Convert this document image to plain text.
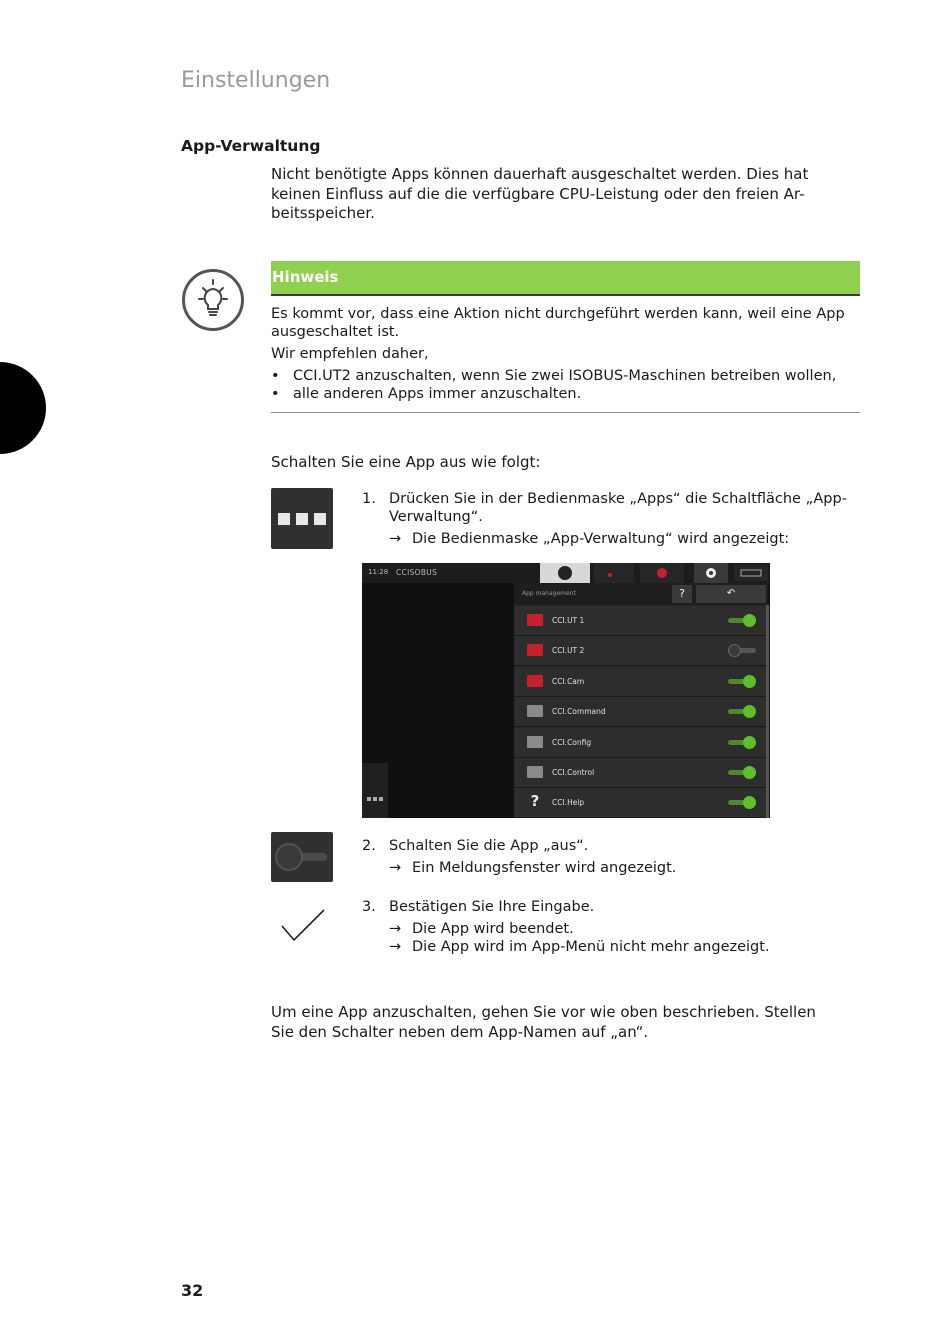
Einstellungen
App-Verwaltung

Nicht benötigte Apps können dauerhaft ausgeschaltet werden. Dies hat

keinen Einfluss auf die die verfügbare CPU-Leistung oder den freien Ar-

beitsspeicher.

Hinweis

Es kommt vor, dass eine Aktion nicht durchgeführt werden kann, weil eine App

ausgeschaltet ist.

Wir empfehlen daher,

• CCI.UT2 anzuschalten, wenn Sie zwei ISOBUS-Maschinen betreiben wollen,
• alle anderen Apps immer anzuschalten.

Schalten Sie eine App aus wie folgt:

1. Drücken Sie in der Bedienmaske „Apps“ die Schaltfläche „App-
Verwaltung“.
→ Die Bedienmaske „App-Verwaltung“ wird angezeigt:
11:28 CCISOBUS
App management	?	↶
CCI.UT 1
CCI.UT 2
CCI.Cam
CCI.Command
CCI.Config
CCI.Control
?	CCI.Help
2. Schalten Sie die App „aus“.
→ Ein Meldungsfenster wird angezeigt.
3. Bestätigen Sie Ihre Eingabe.
→ Die App wird beendet.
→ Die App wird im App-Menü nicht mehr angezeigt.

Um eine App anzuschalten, gehen Sie vor wie oben beschrieben. Stellen

Sie den Schalter neben dem App-Namen auf „an“.

32
